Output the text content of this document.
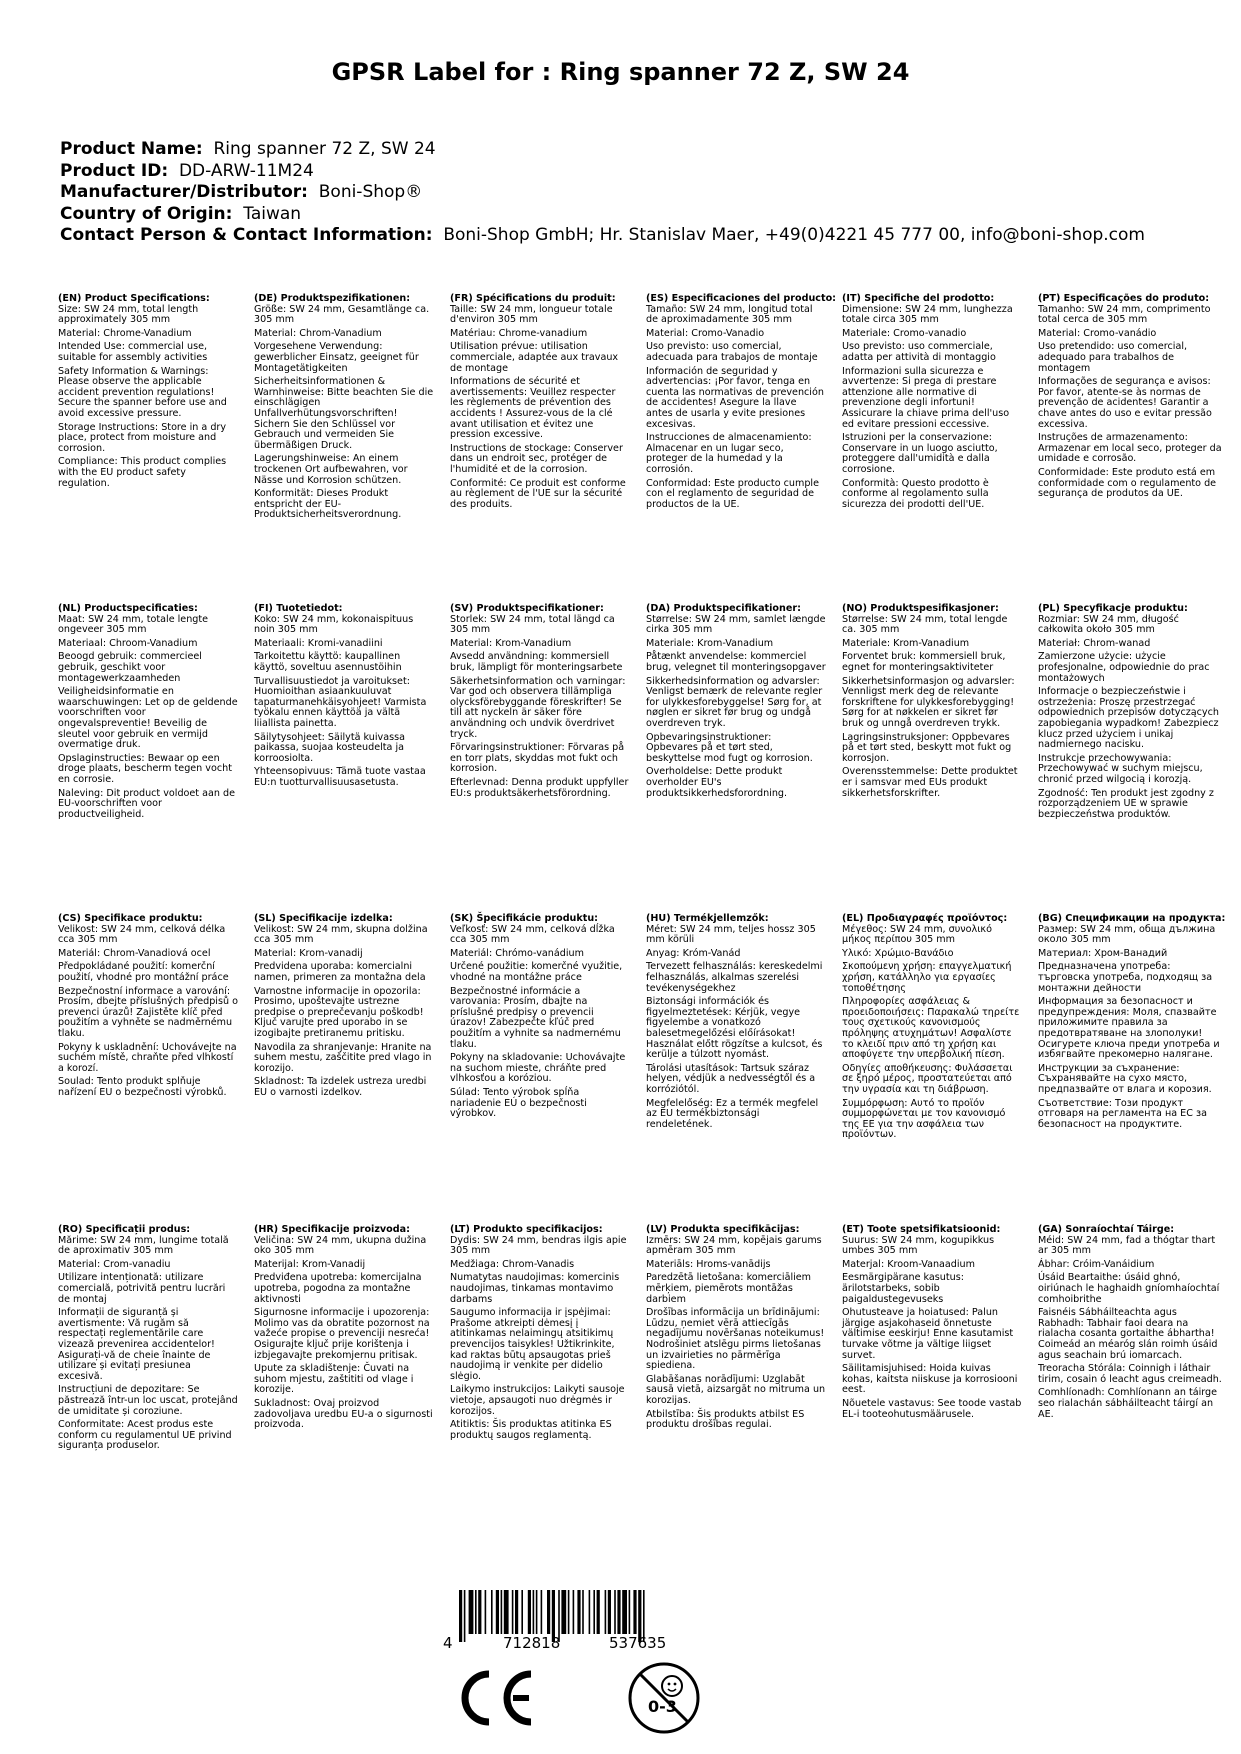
GPSR Label for : Ring spanner 72 Z, SW 24
Product Name: Ring spanner 72 Z, SW 24
Product ID: DD-ARW-11M24
Manufacturer/Distributor: Boni-Shop®
Country of Origin: Taiwan
Contact Person & Contact Information: Boni-Shop GmbH; Hr. Stanislav Maer, +49(0)4221 45 777 00, info@boni-shop.com
(EN) Product Specifications:

Size: SW 24 mm, total length approximately 305 mm

Material: Chrome-Vanadium

Intended Use: commercial use, suitable for assembly activities

Safety Information & Warnings: Please observe the applicable accident prevention regulations! Secure the spanner before use and avoid excessive pressure.

Storage Instructions: Store in a dry place, protect from moisture and corrosion.

Compliance: This product complies with the EU product safety regulation.

(DE) Produktspezifikationen:

Größe: SW 24 mm, Gesamtlänge ca. 305 mm

Material: Chrom-Vanadium

Vorgesehene Verwendung: gewerblicher Einsatz, geeignet für Montagetätigkeiten

Sicherheitsinformationen & Warnhinweise: Bitte beachten Sie die einschlägigen Unfallverhütungsvorschriften! Sichern Sie den Schlüssel vor Gebrauch und vermeiden Sie übermäßigen Druck.

Lagerungshinweise: An einem trockenen Ort aufbewahren, vor Nässe und Korrosion schützen.

Konformität: Dieses Produkt entspricht der EU-Produktsicherheitsverordnung.

(FR) Spécifications du produit:

Taille: SW 24 mm, longueur totale d'environ 305 mm

Matériau: Chrome-vanadium

Utilisation prévue: utilisation commerciale, adaptée aux travaux de montage

Informations de sécurité et avertissements: Veuillez respecter les règlements de prévention des accidents ! Assurez-vous de la clé avant utilisation et évitez une pression excessive.

Instructions de stockage: Conserver dans un endroit sec, protéger de l'humidité et de la corrosion.

Conformité: Ce produit est conforme au règlement de l'UE sur la sécurité des produits.

(ES) Especificaciones del producto:

Tamaño: SW 24 mm, longitud total de aproximadamente 305 mm

Material: Cromo-Vanadio

Uso previsto: uso comercial, adecuada para trabajos de montaje

Información de seguridad y advertencias: ¡Por favor, tenga en cuenta las normativas de prevención de accidentes! Asegure la llave antes de usarla y evite presiones excesivas.

Instrucciones de almacenamiento: Almacenar en un lugar seco, proteger de la humedad y la corrosión.

Conformidad: Este producto cumple con el reglamento de seguridad de productos de la UE.

(IT) Specifiche del prodotto:

Dimensione: SW 24 mm, lunghezza totale circa 305 mm

Materiale: Cromo-vanadio

Uso previsto: uso commerciale, adatta per attività di montaggio

Informazioni sulla sicurezza e avvertenze: Si prega di prestare attenzione alle normative di prevenzione degli infortuni! Assicurare la chiave prima dell'uso ed evitare pressioni eccessive.

Istruzioni per la conservazione: Conservare in un luogo asciutto, proteggere dall'umidità e dalla corrosione.

Conformità: Questo prodotto è conforme al regolamento sulla sicurezza dei prodotti dell'UE.

(PT) Especificações do produto:

Tamanho: SW 24 mm, comprimento total cerca de 305 mm

Material: Cromo-vanádio

Uso pretendido: uso comercial, adequado para trabalhos de montagem

Informações de segurança e avisos: Por favor, atente-se às normas de prevenção de acidentes! Garantir a chave antes do uso e evitar pressão excessiva.

Instruções de armazenamento: Armazenar em local seco, proteger da umidade e corrosão.

Conformidade: Este produto está em conformidade com o regulamento de segurança de produtos da UE.

(NL) Productspecificaties:

Maat: SW 24 mm, totale lengte ongeveer 305 mm

Materiaal: Chroom-Vanadium

Beoogd gebruik: commercieel gebruik, geschikt voor montagewerkzaamheden

Veiligheidsinformatie en waarschuwingen: Let op de geldende voorschriften voor ongevalspreventie! Beveilig de sleutel voor gebruik en vermijd overmatige druk.

Opslaginstructies: Bewaar op een droge plaats, bescherm tegen vocht en corrosie.

Naleving: Dit product voldoet aan de EU-voorschriften voor productveiligheid.

(FI) Tuotetiedot:

Koko: SW 24 mm, kokonaispituus noin 305 mm

Materiaali: Kromi-vanadiini

Tarkoitettu käyttö: kaupallinen käyttö, soveltuu asennustöihin

Turvallisuustiedot ja varoitukset: Huomioithan asiaankuuluvat tapaturmanehkäisyohjeet! Varmista työkalu ennen käyttöä ja vältä liiallista painetta.

Säilytysohjeet: Säilytä kuivassa paikassa, suojaa kosteudelta ja korroosiolta.

Yhteensopivuus: Tämä tuote vastaa EU:n tuotturvallisuusasetusta.

(SV) Produktspecifikationer:

Storlek: SW 24 mm, total längd ca 305 mm

Material: Krom-Vanadium

Avsedd användning: kommersiell bruk, lämpligt för monteringsarbete

Säkerhetsinformation och varningar: Var god och observera tillämpliga olycksförebyggande föreskrifter! Se till att nyckeln är säker före användning och undvik överdrivet tryck.

Förvaringsinstruktioner: Förvaras på en torr plats, skyddas mot fukt och korrosion.

Efterlevnad: Denna produkt uppfyller EU:s produktsäkerhetsförordning.

(DA) Produktspecifikationer:

Størrelse: SW 24 mm, samlet længde cirka 305 mm

Materiale: Krom-Vanadium

Påtænkt anvendelse: kommerciel brug, velegnet til monteringsopgaver

Sikkerhedsinformation og advarsler: Venligst bemærk de relevante regler for ulykkesforebyggelse! Sørg for, at nøglen er sikret før brug og undgå overdreven tryk.

Opbevaringsinstruktioner: Opbevares på et tørt sted, beskyttelse mod fugt og korrosion.

Overholdelse: Dette produkt overholder EU's produktsikkerhedsforordning.

(NO) Produktspesifikasjoner:

Størrelse: SW 24 mm, total lengde ca. 305 mm

Materiale: Krom-Vanadium

Forventet bruk: kommersiell bruk, egnet for monteringsaktiviteter

Sikkerhetsinformasjon og advarsler: Vennligst merk deg de relevante forskriftene for ulykkesforebygging! Sørg for at nøkkelen er sikret før bruk og unngå overdreven trykk.

Lagringsinstruksjoner: Oppbevares på et tørt sted, beskytt mot fukt og korrosjon.

Overensstemmelse: Dette produktet er i samsvar med EUs produkt sikkerhetsforskrifter.

(PL) Specyfikacje produktu:

Rozmiar: SW 24 mm, długość całkowita około 305 mm

Materiał: Chrom-wanad

Zamierzone użycie: użycie profesjonalne, odpowiednie do prac montażowych

Informacje o bezpieczeństwie i ostrzeżenia: Proszę przestrzegać odpowiednich przepisów dotyczących zapobiegania wypadkom! Zabezpiecz klucz przed użyciem i unikaj nadmiernego nacisku.

Instrukcje przechowywania: Przechowywać w suchym miejscu, chronić przed wilgocią i korozją.

Zgodność: Ten produkt jest zgodny z rozporządzeniem UE w sprawie bezpieczeństwa produktów.

(CS) Specifikace produktu:

Velikost: SW 24 mm, celková délka cca 305 mm

Materiál: Chrom-Vanadiová ocel

Předpokládané použití: komerční použití, vhodné pro montážní práce

Bezpečnostní informace a varování: Prosím, dbejte příslušných předpisů o prevenci úrazů! Zajistěte klíč před použitím a vyhněte se nadměrnému tlaku.

Pokyny k uskladnění: Uchovávejte na suchém místě, chraňte před vlhkostí a korozí.

Soulad: Tento produkt splňuje nařízení EU o bezpečnosti výrobků.

(SL) Specifikacije izdelka:

Velikost: SW 24 mm, skupna dolžina cca 305 mm

Material: Krom-vanadij

Predvidena uporaba: komercialni namen, primeren za montažna dela

Varnostne informacije in opozorila: Prosimo, upoštevajte ustrezne predpise o preprečevanju poškodb! Ključ varujte pred uporabo in se izogibajte pretiranemu pritisku.

Navodila za shranjevanje: Hranite na suhem mestu, zaščitite pred vlago in korozijo.

Skladnost: Ta izdelek ustreza uredbi EU o varnosti izdelkov.

(SK) Špecifikácie produktu:

Veľkosť: SW 24 mm, celková dĺžka cca 305 mm

Materiál: Chrómo-vanádium

Určené použitie: komerčné využitie, vhodné na montážne práce

Bezpečnostné informácie a varovania: Prosím, dbajte na príslušné predpisy o prevencii úrazov! Zabezpečte kľúč pred použitím a vyhnite sa nadmernému tlaku.

Pokyny na skladovanie: Uchovávajte na suchom mieste, chráňte pred vlhkosťou a koróziou.

Súlad: Tento výrobok spĺňa nariadenie EÚ o bezpečnosti výrobkov.

(HU) Termékjellemzők:

Méret: SW 24 mm, teljes hossz 305 mm körüli

Anyag: Króm-Vanád

Tervezett felhasználás: kereskedelmi felhasználás, alkalmas szerelési tevékenységekhez

Biztonsági információk és figyelmeztetések: Kérjük, vegye figyelembe a vonatkozó balesetmegelőzési előírásokat! Használat előtt rögzítse a kulcsot, és kerülje a túlzott nyomást.

Tárolási utasítások: Tartsuk száraz helyen, védjük a nedvességtől és a korróziótól.

Megfelelőség: Ez a termék megfelel az EU termékbiztonsági rendeletének.

(EL) Προδιαγραφές προϊόντος:

Μέγεθος: SW 24 mm, συνολικό μήκος περίπου 305 mm

Υλικό: Χρώμιο-Βανάδιο

Σκοπούμενη χρήση: επαγγελματική χρήση, κατάλληλο για εργασίες τοποθέτησης

Πληροφορίες ασφάλειας & προειδοποιήσεις: Παρακαλώ τηρείτε τους σχετικούς κανονισμούς πρόληψης ατυχημάτων! Ασφαλίστε το κλειδί πριν από τη χρήση και αποφύγετε την υπερβολική πίεση.

Οδηγίες αποθήκευσης: Φυλάσσεται σε ξηρό μέρος, προστατεύεται από την υγρασία και τη διάβρωση.

Συμμόρφωση: Αυτό το προϊόν συμμορφώνεται με τον κανονισμό της ΕΕ για την ασφάλεια των προϊόντων.

(BG) Спецификации на продукта:

Размер: SW 24 mm, обща дължина около 305 mm

Материал: Хром-Ванадий

Предназначена употреба: търговска употреба, подходящ за монтажни дейности

Информация за безопасност и предупреждения: Моля, спазвайте приложимите правила за предотвратяване на злополуки! Осигурете ключа преди употреба и избягвайте прекомерно налягане.

Инструкции за съхранение: Съхранявайте на сухо място, предпазвайте от влага и корозия.

Съответствие: Този продукт отговаря на регламента на ЕС за безопасност на продуктите.

(RO) Specificații produs:

Mărime: SW 24 mm, lungime totală de aproximativ 305 mm

Material: Crom-vanadiu

Utilizare intenționată: utilizare comercială, potrivită pentru lucrări de montaj

Informații de siguranță și avertismente: Vă rugăm să respectați reglementările care vizează prevenirea accidentelor! Asigurați-vă de cheie înainte de utilizare și evitați presiunea excesivă.

Instrucțiuni de depozitare: Se păstrează într-un loc uscat, protejând de umiditate și coroziune.

Conformitate: Acest produs este conform cu regulamentul UE privind siguranța produselor.

(HR) Specifikacije proizvoda:

Veličina: SW 24 mm, ukupna dužina oko 305 mm

Materijal: Krom-Vanadij

Predviđena upotreba: komercijalna upotreba, pogodna za montažne aktivnosti

Sigurnosne informacije i upozorenja: Molimo vas da obratite pozornost na važeće propise o prevenciji nesreća! Osigurajte ključ prije korištenja i izbjegavajte prekomjernu pritisak.

Upute za skladištenje: Čuvati na suhom mjestu, zaštititi od vlage i korozije.

Sukladnost: Ovaj proizvod zadovoljava uredbu EU-a o sigurnosti proizvoda.

(LT) Produkto specifikacijos:

Dydis: SW 24 mm, bendras ilgis apie 305 mm

Medžiaga: Chrom-Vanadis

Numatytas naudojimas: komercinis naudojimas, tinkamas montavimo darbams

Saugumo informacija ir įspėjimai: Prašome atkreipti dėmesį į atitinkamas nelaimingų atsitikimų prevencijos taisykles! Užtikrinkite, kad raktas būtų apsaugotas prieš naudojimą ir venkite per didelio slėgio.

Laikymo instrukcijos: Laikyti sausoje vietoje, apsaugoti nuo drėgmės ir korozijos.

Atitiktis: Šis produktas atitinka ES produktų saugos reglamentą.

(LV) Produkta specifikācijas:

Izmērs: SW 24 mm, kopējais garums apmēram 305 mm

Materiāls: Hroms-vanādijs

Paredzētā lietošana: komerciāliem mērķiem, piemērots montāžas darbiem

Drošības informācija un brīdinājumi: Lūdzu, ņemiet vērā attiecīgās negadījumu novēršanas noteikumus! Nodrošiniet atslēgu pirms lietošanas un izvairieties no pārmērīga spiediena.

Glabāšanas norādījumi: Uzglabāt sausā vietā, aizsargāt no mitruma un korozijas.

Atbilstība: Šis produkts atbilst ES produktu drošības regulai.

(ET) Toote spetsifikatsioonid:

Suurus: SW 24 mm, kogupikkus umbes 305 mm

Materjal: Kroom-Vanaadium

Eesmärgipärane kasutus: ärilotstarbeks, sobib paigaldustegevuseks

Ohutusteave ja hoiatused: Palun järgige asjakohaseid õnnetuste vältimise eeskirju! Enne kasutamist turvake võtme ja vältige liigset survet.

Säilitamisjuhised: Hoida kuivas kohas, kaitsta niiskuse ja korrosiooni eest.

Nõuetele vastavus: See toode vastab EL-i tooteohutusmäärusele.

(GA) Sonraíochtaí Táirge:

Méid: SW 24 mm, fad a thógtar thart ar 305 mm

Ábhar: Cróim-Vanáidium

Úsáid Beartaithe: úsáid ghnó, oiriúnach le haghaidh gníomhaíochtaí comhoibrithe

Faisnéis Sábháilteachta agus Rabhadh: Tabhair faoi deara na rialacha cosanta gortaithe ábhartha! Coimeád an méaróg slán roimh úsáid agus seachain brú iomarcach.

Treoracha Stórála: Coinnigh i láthair tirim, cosain ó leacht agus creimeadh.

Comhlíonadh: Comhlíonann an táirge seo rialachán sábháilteacht táirgí an AE.

4	712818	537635
0-3
